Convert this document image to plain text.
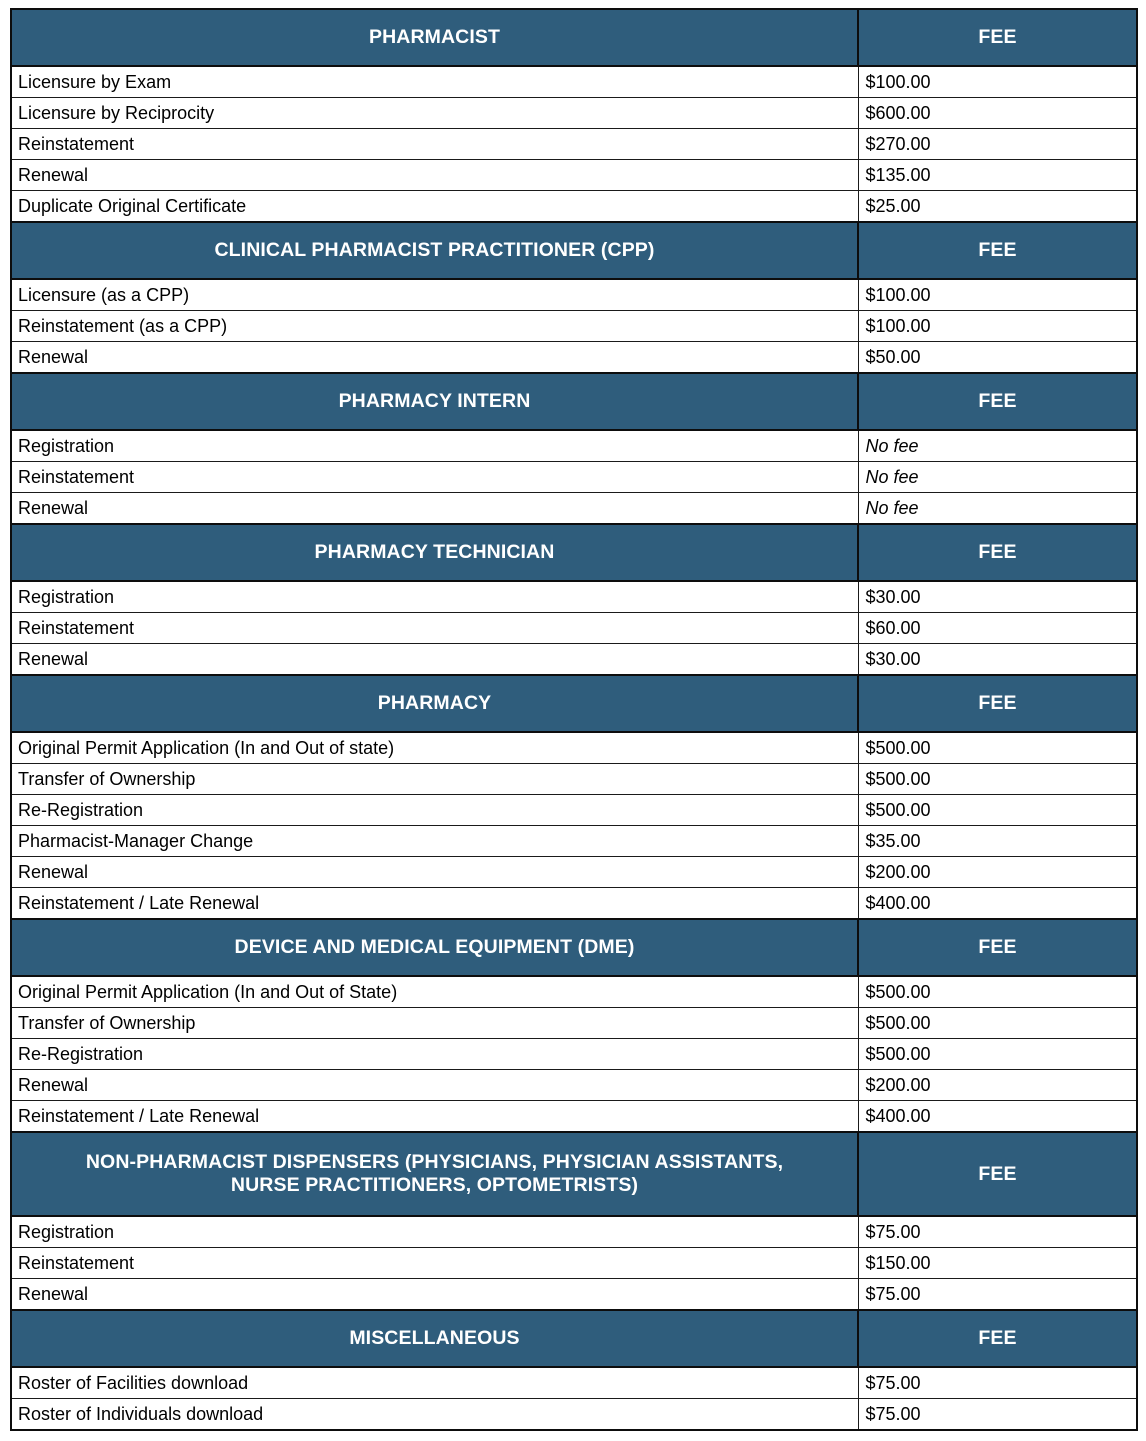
PHARMACIST	FEE
Licensure by Exam	$100.00
Licensure by Reciprocity	$600.00
Reinstatement	$270.00
Renewal	$135.00
Duplicate Original Certificate	$25.00

CLINICAL PHARMACIST PRACTITIONER (CPP)	FEE
Licensure (as a CPP)	$100.00
Reinstatement (as a CPP)	$100.00
Renewal	$50.00

PHARMACY INTERN	FEE
Registration	No fee
Reinstatement	No fee
Renewal	No fee

PHARMACY TECHNICIAN	FEE
Registration	$30.00
Reinstatement	$60.00
Renewal	$30.00

PHARMACY	FEE
Original Permit Application (In and Out of state)	$500.00
Transfer of Ownership	$500.00
Re-Registration	$500.00
Pharmacist-Manager Change	$35.00
Renewal	$200.00
Reinstatement / Late Renewal	$400.00

DEVICE AND MEDICAL EQUIPMENT (DME)	FEE
Original Permit Application (In and Out of State)	$500.00
Transfer of Ownership	$500.00
Re-Registration	$500.00
Renewal	$200.00
Reinstatement / Late Renewal	$400.00

NON-PHARMACIST DISPENSERS (PHYSICIANS, PHYSICIAN ASSISTANTS,
NURSE PRACTITIONERS, OPTOMETRISTS)	FEE
Registration	$75.00
Reinstatement	$150.00
Renewal	$75.00

MISCELLANEOUS	FEE
Roster of Facilities download	$75.00
Roster of Individuals download	$75.00
